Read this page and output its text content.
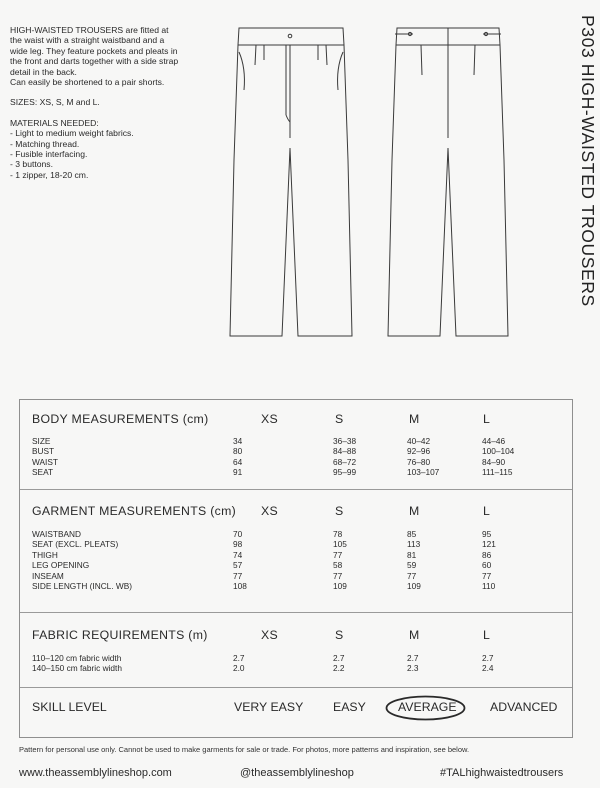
HIGH-WAISTED TROUSERS are fitted at

the waist with a straight waistband and a

wide leg. They feature pockets and pleats in

the front and darts together with a side strap

detail in the back.

Can easily be shortened to a pair shorts.

SIZES: XS, S, M and L.

MATERIALS NEEDED:

- Light to medium weight fabrics.
- Matching thread.
- Fusible interfacing.
- 3 buttons.
- 1 zipper, 18-20 cm.	P303 HIGH-WAISTED TROUSERS
BODY MEASUREMENTS (cm)	XS	S	M	L
SIZE	34	36–38	40–42	44–46
BUST	80	84–88	92–96	100–104
WAIST	64	68–72	76–80	84–90
SEAT	91	95–99	103–107	111–115
GARMENT MEASUREMENTS (cm) XS	S	M	L
WAISTBAND	70	78	85	95
SEAT (EXCL. PLEATS)	98	105	113	121
THIGH	74	77	81	86
LEG OPENING	57	58	59	60
INSEAM	77	77	77	77
SIDE LENGTH (INCL. WB)	108	109	109	110
FABRIC REQUIREMENTS (m)	XS	S	M	L
110–120 cm fabric width	2.7	2.7	2.7	2.7
140–150 cm fabric width	2.0	2.2	2.3	2.4
SKILL LEVEL	VERY EASY EASY	AVERAGE	ADVANCED
Pattern for personal use only. Cannot be used to make garments for sale or trade. For photos, more patterns and inspiration, see below.
www.theassemblylineshop.com	@theassemblylineshop	#TALhighwaistedtrousers
